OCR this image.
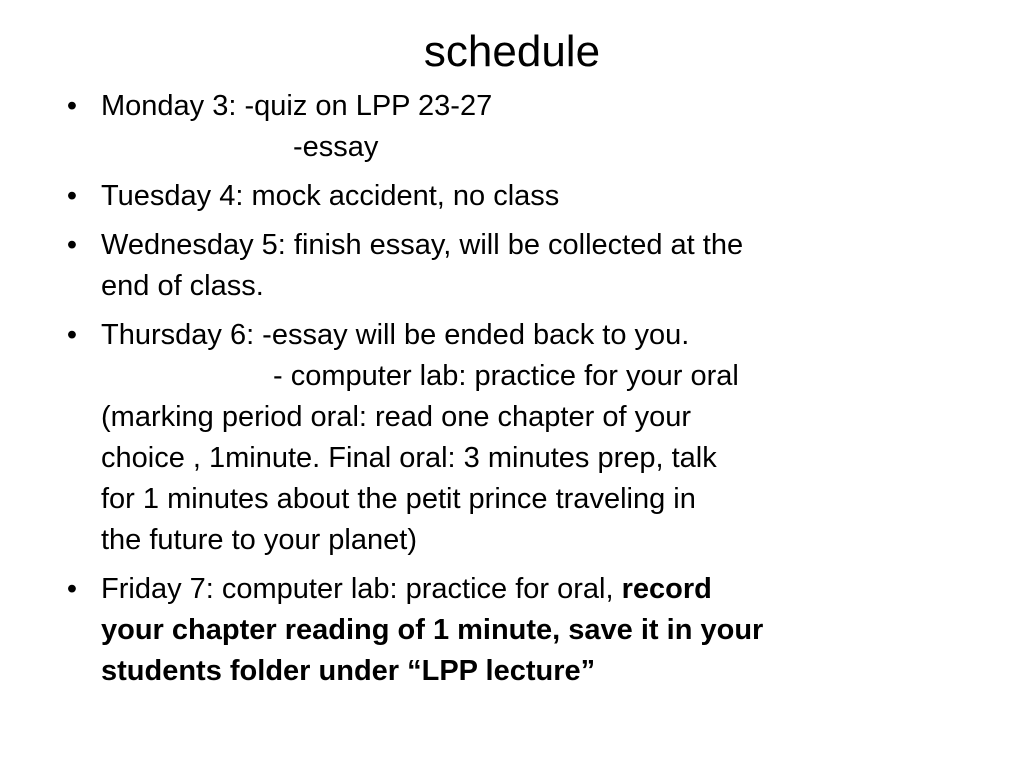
schedule
• Monday 3: -quiz on LPP 23-27
-essay
• Tuesday 4: mock accident, no class
• Wednesday 5: finish essay, will be collected at the
end of class.
• Thursday 6: -essay will be ended back to you.
- computer lab: practice for your oral
(marking period oral: read one chapter of your
choice , 1minute. Final oral: 3 minutes prep, talk
for 1 minutes about the petit prince traveling in
the future to your planet)
• Friday 7: computer lab: practice for oral, record
your chapter reading of 1 minute, save it in your
students folder under “LPP lecture”
